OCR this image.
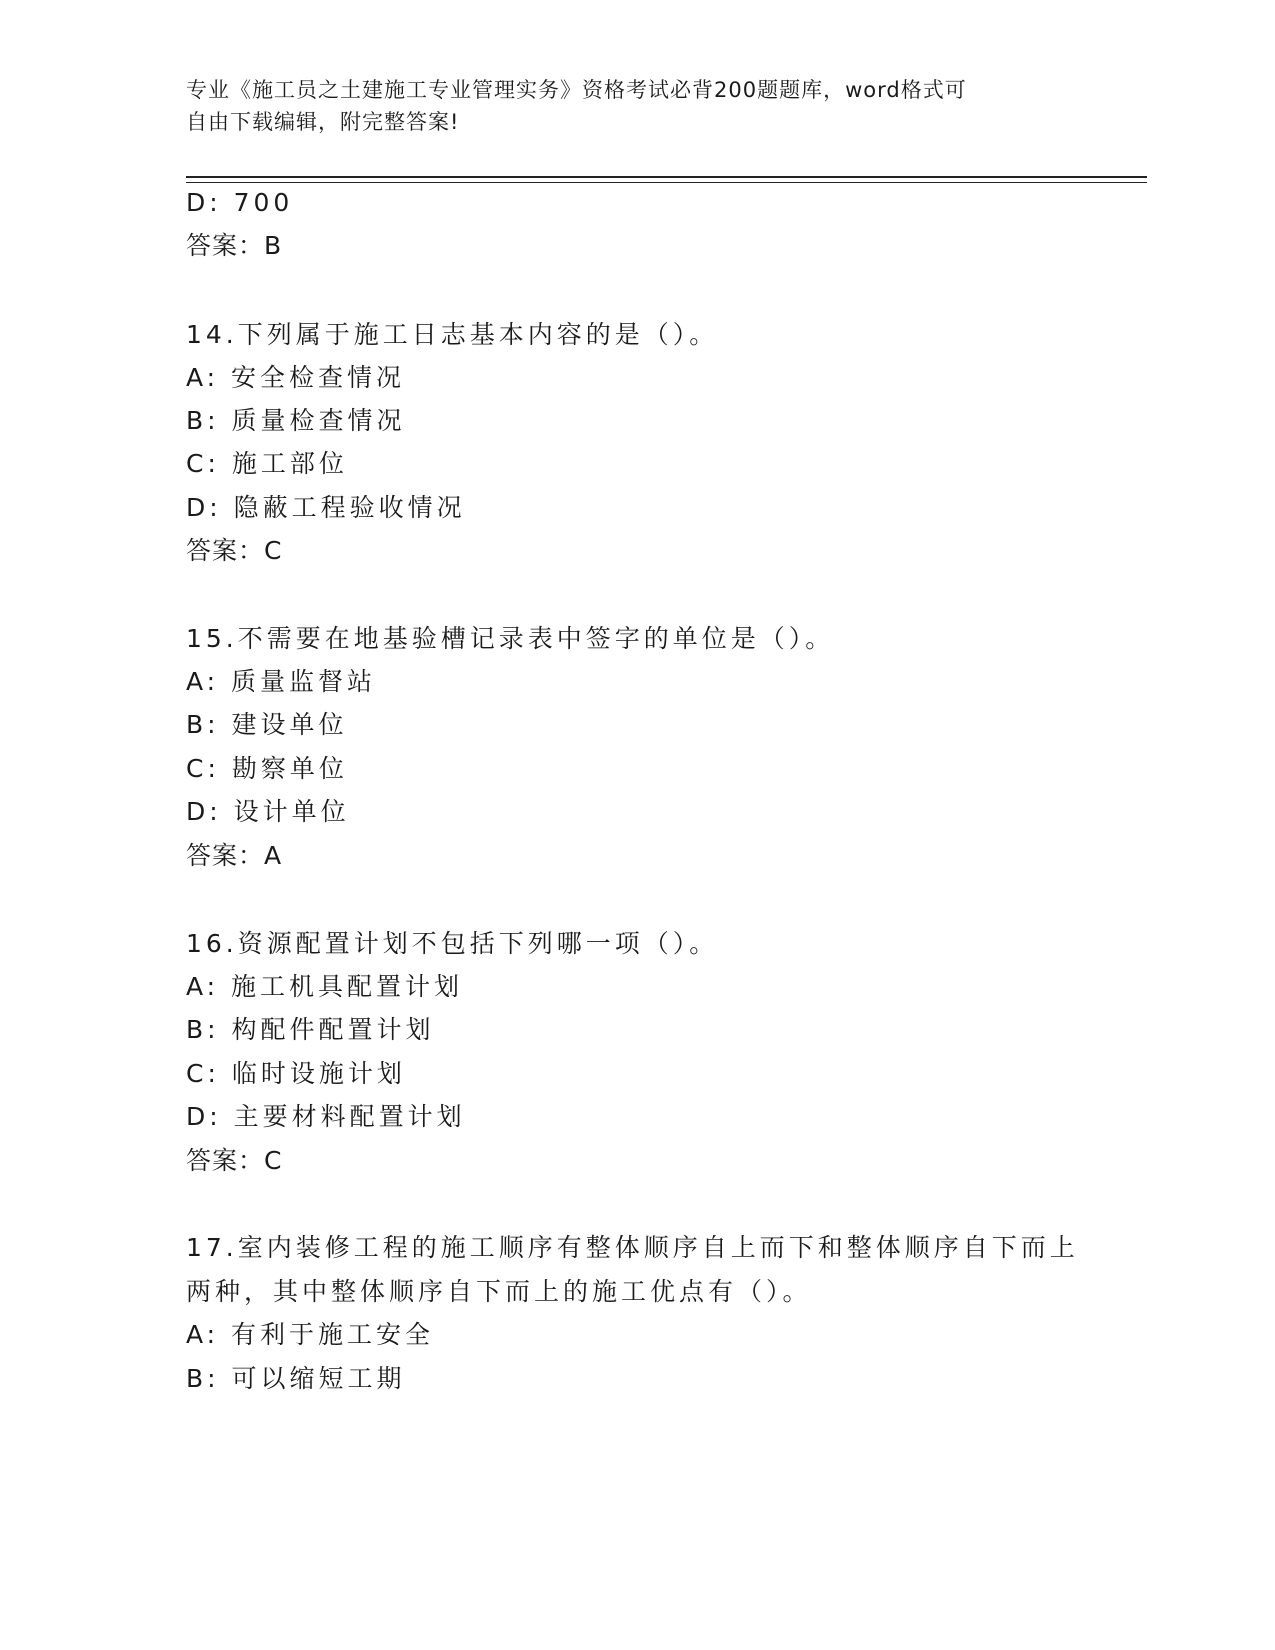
专业《施工员之土建施工专业管理实务》资格考试必背200题题库，word格式可
自由下载编辑，附完整答案!
D: 700
答案：B
14.下列属于施工日志基本内容的是（）。
A: 安全检查情况
B: 质量检查情况
C: 施工部位
D: 隐蔽工程验收情况
答案：C
15.不需要在地基验槽记录表中签字的单位是（）。
A: 质量监督站
B: 建设单位
C: 勘察单位
D: 设计单位
答案：A
16.资源配置计划不包括下列哪一项（）。
A: 施工机具配置计划
B: 构配件配置计划
C: 临时设施计划
D: 主要材料配置计划
答案：C
17.室内装修工程的施工顺序有整体顺序自上而下和整体顺序自下而上
两种，其中整体顺序自下而上的施工优点有（）。
A: 有利于施工安全
B: 可以缩短工期
